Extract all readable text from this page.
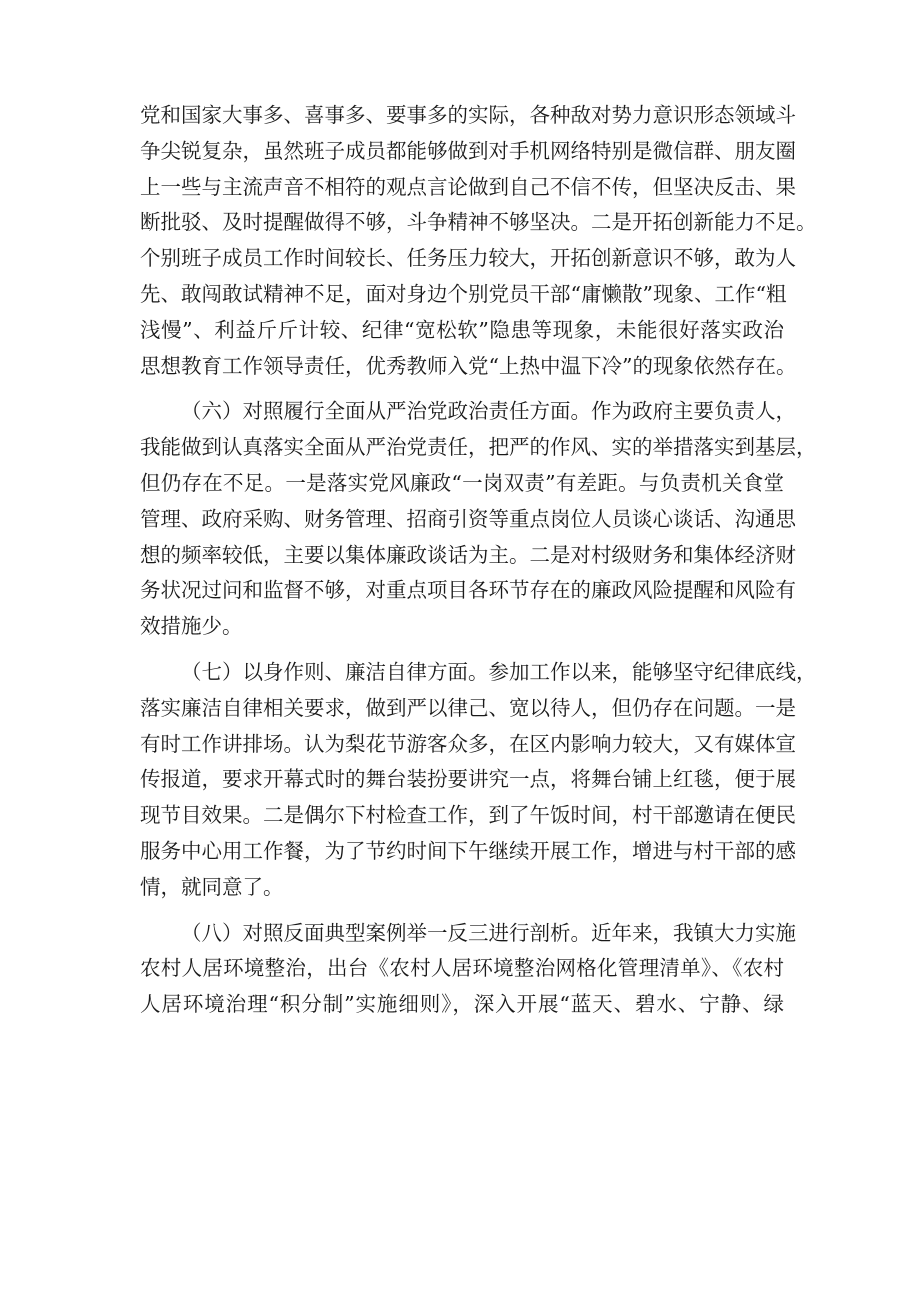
党和国家大事多、喜事多、要事多的实际，各种敌对势力意识形态领域斗
争尖锐复杂，虽然班子成员都能够做到对手机网络特别是微信群、朋友圈
上一些与主流声音不相符的观点言论做到自己不信不传，但坚决反击、果
断批驳、及时提醒做得不够，斗争精神不够坚决。二是开拓创新能力不足。
个别班子成员工作时间较长、任务压力较大，开拓创新意识不够，敢为人
先、敢闯敢试精神不足，面对身边个别党员干部“庸懒散”现象、工作“粗
浅慢”、利益斤斤计较、纪律“宽松软”隐患等现象，未能很好落实政治
思想教育工作领导责任，优秀教师入党“上热中温下冷”的现象依然存在。

（六）对照履行全面从严治党政治责任方面。作为政府主要负责人，
我能做到认真落实全面从严治党责任，把严的作风、实的举措落实到基层，
但仍存在不足。一是落实党风廉政“一岗双责”有差距。与负责机关食堂
管理、政府采购、财务管理、招商引资等重点岗位人员谈心谈话、沟通思
想的频率较低，主要以集体廉政谈话为主。二是对村级财务和集体经济财
务状况过问和监督不够，对重点项目各环节存在的廉政风险提醒和风险有
效措施少。

（七）以身作则、廉洁自律方面。参加工作以来，能够坚守纪律底线，
落实廉洁自律相关要求，做到严以律己、宽以待人，但仍存在问题。一是
有时工作讲排场。认为梨花节游客众多，在区内影响力较大，又有媒体宣
传报道，要求开幕式时的舞台装扮要讲究一点，将舞台铺上红毯，便于展
现节目效果。二是偶尔下村检查工作，到了午饭时间，村干部邀请在便民
服务中心用工作餐，为了节约时间下午继续开展工作，增进与村干部的感
情，就同意了。

（八）对照反面典型案例举一反三进行剖析。近年来，我镇大力实施
农村人居环境整治，出台《农村人居环境整治网格化管理清单》、《农村
人居环境治理“积分制”实施细则》，深入开展“蓝天、碧水、宁静、绿
